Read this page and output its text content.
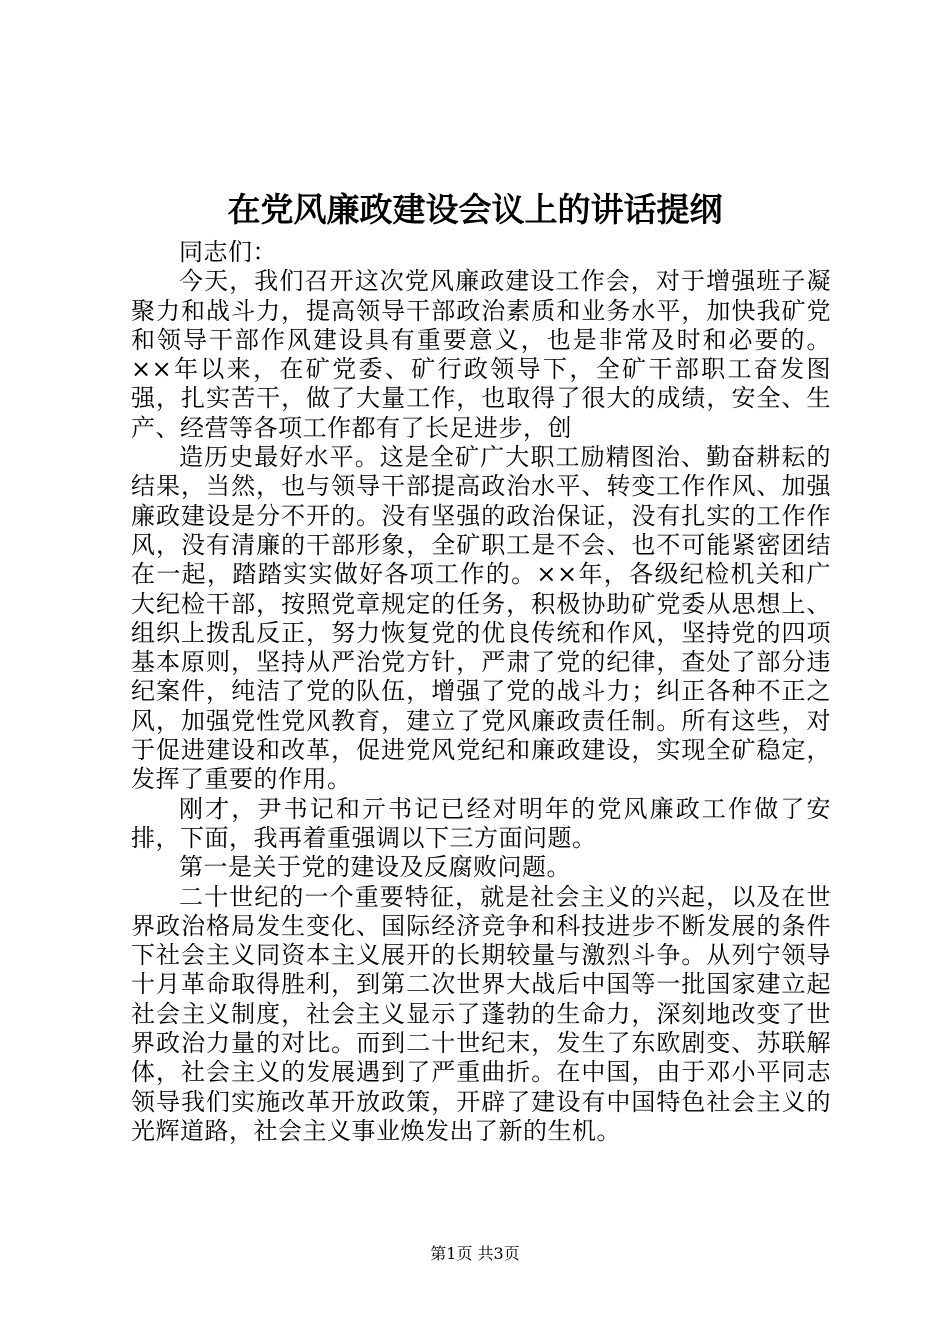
在党风廉政建设会议上的讲话提纲

同志们：

今天，我们召开这次党风廉政建设工作会，对于增强班子凝聚力和战斗力，提高领导干部政治素质和业务水平，加快我矿党和领导干部作风建设具有重要意义，也是非常及时和必要的。××年以来，在矿党委、矿行政领导下，全矿干部职工奋发图强，扎实苦干，做了大量工作，也取得了很大的成绩，安全、生产、经营等各项工作都有了长足进步，创

造历史最好水平。这是全矿广大职工励精图治、勤奋耕耘的结果，当然，也与领导干部提高政治水平、转变工作作风、加强廉政建设是分不开的。没有坚强的政治保证，没有扎实的工作作风，没有清廉的干部形象，全矿职工是不会、也不可能紧密团结在一起，踏踏实实做好各项工作的。××年，各级纪检机关和广大纪检干部，按照党章规定的任务，积极协助矿党委从思想上、组织上拨乱反正，努力恢复党的优良传统和作风，坚持党的四项基本原则，坚持从严治党方针，严肃了党的纪律，查处了部分违纪案件，纯洁了党的队伍，增强了党的战斗力；纠正各种不正之风，加强党性党风教育，建立了党风廉政责任制。所有这些，对于促进建设和改革，促进党风党纪和廉政建设，实现全矿稳定，发挥了重要的作用。

刚才，尹书记和亓书记已经对明年的党风廉政工作做了安排，下面，我再着重强调以下三方面问题。

第一是关于党的建设及反腐败问题。

二十世纪的一个重要特征，就是社会主义的兴起，以及在世界政治格局发生变化、国际经济竞争和科技进步不断发展的条件下社会主义同资本主义展开的长期较量与激烈斗争。从列宁领导十月革命取得胜利，到第二次世界大战后中国等一批国家建立起社会主义制度，社会主义显示了蓬勃的生命力，深刻地改变了世界政治力量的对比。而到二十世纪末，发生了东欧剧变、苏联解体，社会主义的发展遇到了严重曲折。在中国，由于邓小平同志领导我们实施改革开放政策，开辟了建设有中国特色社会主义的光辉道路，社会主义事业焕发出了新的生机。

第1页 共3页
